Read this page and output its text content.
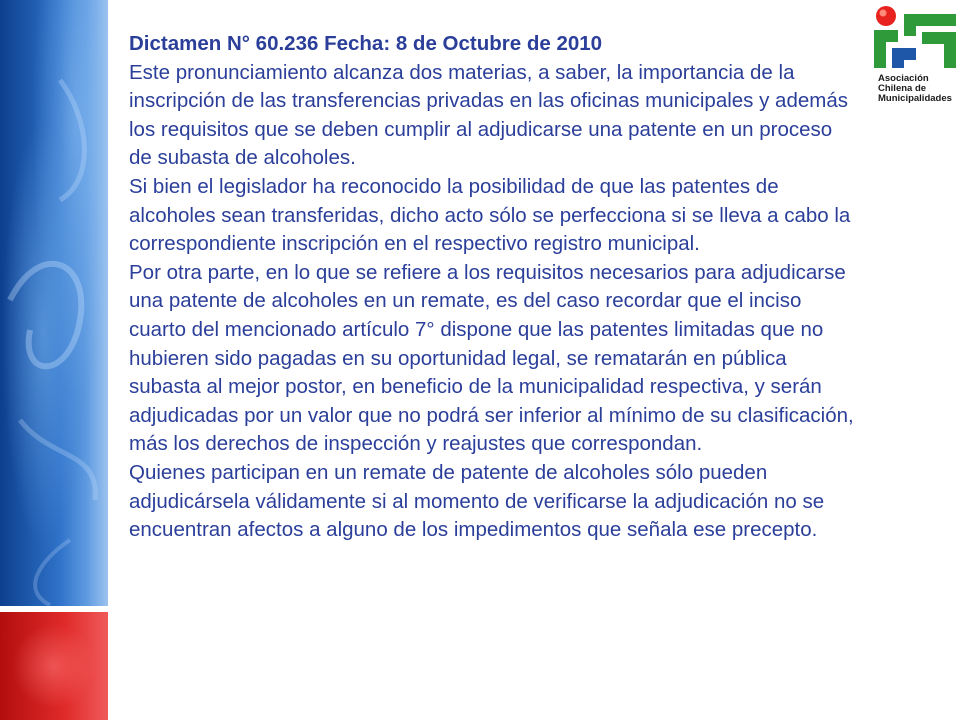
Asociación
Chilena de
Municipalidades

Dictamen N° 60.236 Fecha: 8 de Octubre de 2010

Este pronunciamiento alcanza dos materias, a saber, la importancia de la inscripción de las transferencias privadas en las oficinas municipales y además los requisitos que se deben cumplir al adjudicarse una patente en un proceso de subasta de alcoholes.

Si bien el legislador ha reconocido la posibilidad de que las patentes de alcoholes sean transferidas, dicho acto sólo se perfecciona si se lleva a cabo la correspondiente inscripción en el respectivo registro municipal.

Por otra parte, en lo que se refiere a los requisitos necesarios para adjudicarse una patente de alcoholes en un remate, es del caso recordar que el inciso cuarto del mencionado artículo 7° dispone que las patentes limitadas que no hubieren sido pagadas en su oportunidad legal, se rematarán en pública subasta al mejor postor, en beneficio de la municipalidad respectiva, y serán adjudicadas por un valor que no podrá ser inferior al mínimo de su clasificación, más los derechos de inspección y reajustes que correspondan.

Quienes participan en un remate de patente de alcoholes sólo pueden adjudicársela válidamente si al momento de verificarse la adjudicación no se encuentran afectos a alguno de los impedimentos que señala ese precepto.
